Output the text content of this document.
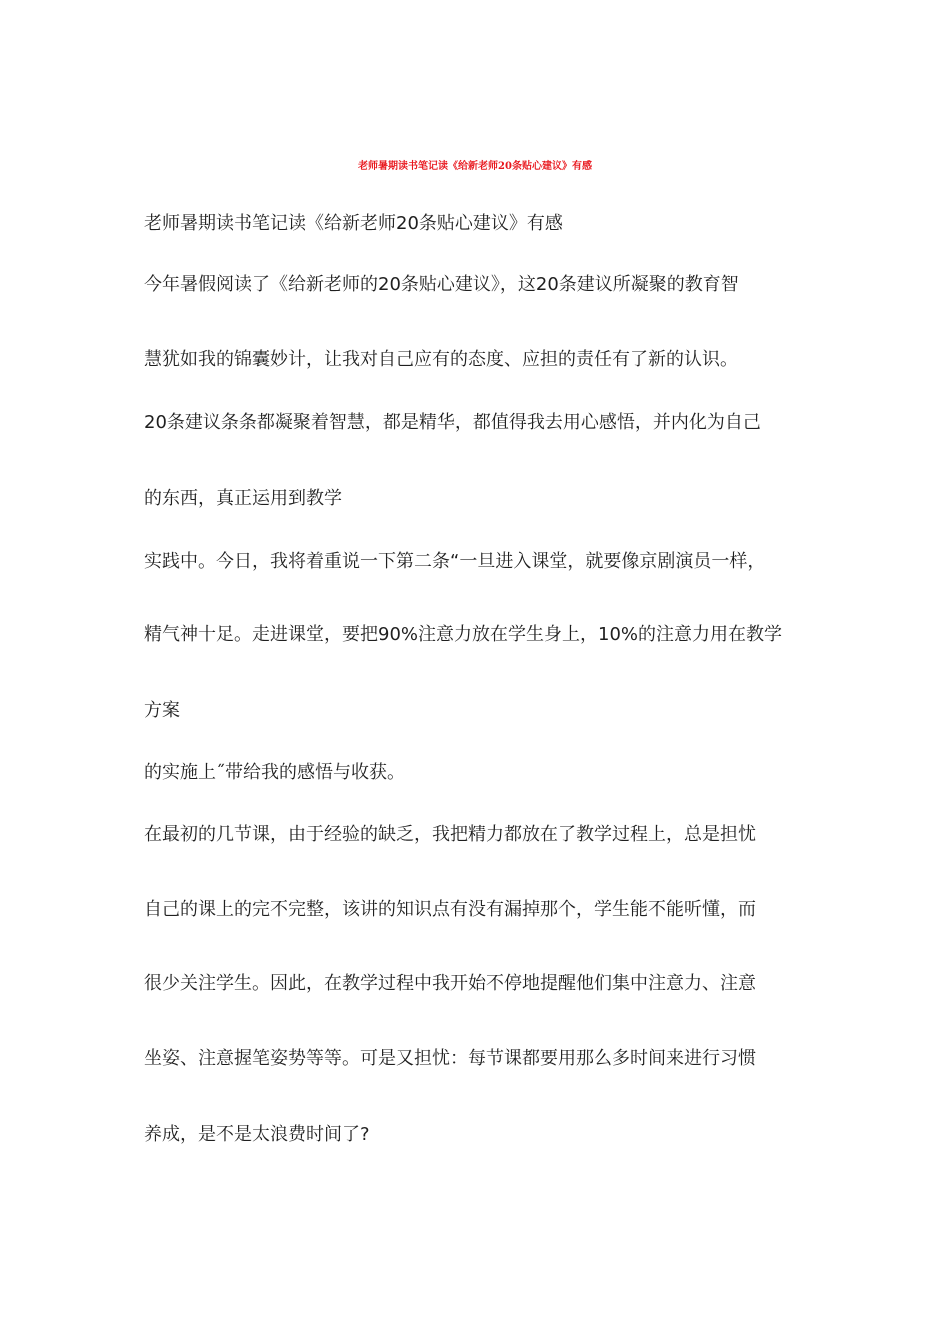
老师暑期读书笔记读《给新老师20条贴心建议》有感
老师暑期读书笔记读《给新老师20条贴心建议》有感
今年暑假阅读了《给新老师的20条贴心建议》，这20条建议所凝聚的教育智
慧犹如我的锦囊妙计，让我对自己应有的态度、应担的责任有了新的认识。
20条建议条条都凝聚着智慧，都是精华，都值得我去用心感悟，并内化为自己
的东西，真正运用到教学
实践中。今日，我将着重说一下第二条“一旦进入课堂，就要像京剧演员一样，
精气神十足。走进课堂，要把90%注意力放在学生身上，10%的注意力用在教学
方案
的实施上˝带给我的感悟与收获。
在最初的几节课，由于经验的缺乏，我把精力都放在了教学过程上，总是担忧
自己的课上的完不完整，该讲的知识点有没有漏掉那个，学生能不能听懂，而
很少关注学生。因此，在教学过程中我开始不停地提醒他们集中注意力、注意
坐姿、注意握笔姿势等等。可是又担忧：每节课都要用那么多时间来进行习惯
养成，是不是太浪费时间了?
